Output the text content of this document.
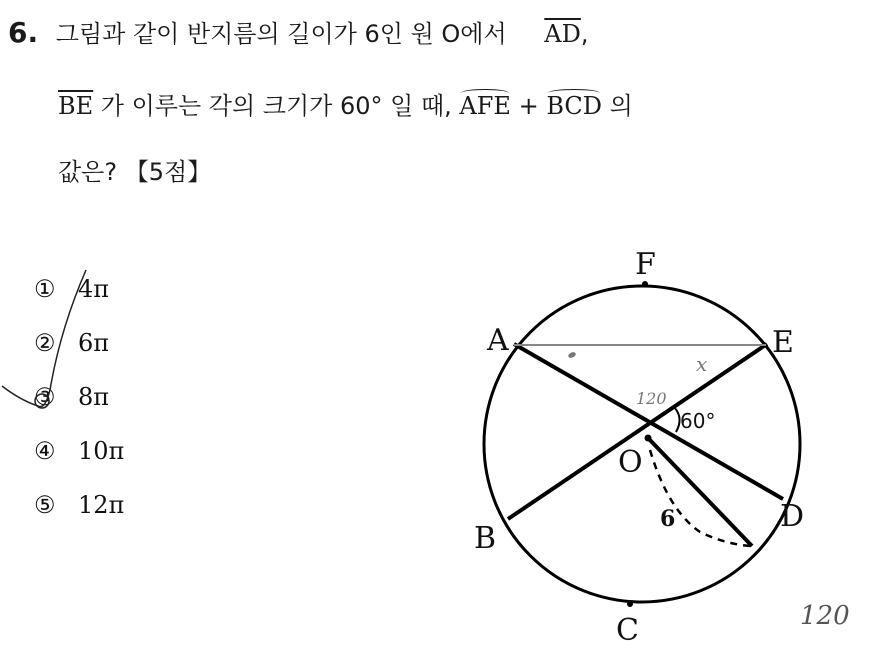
6. 그림과 같이 반지름의 길이가 6인 원 O에서 $\overline{AD}$,
$\overline{BE}$ 가 이루는 각의 크기가 60° 일 때, AFE + BCD 의
값은? 【5점】
① 4π
② 6π
③ 8π
④ 10π
⑤ 12π
F
A	E
O
B
D
C
60°
6
x
120
120
